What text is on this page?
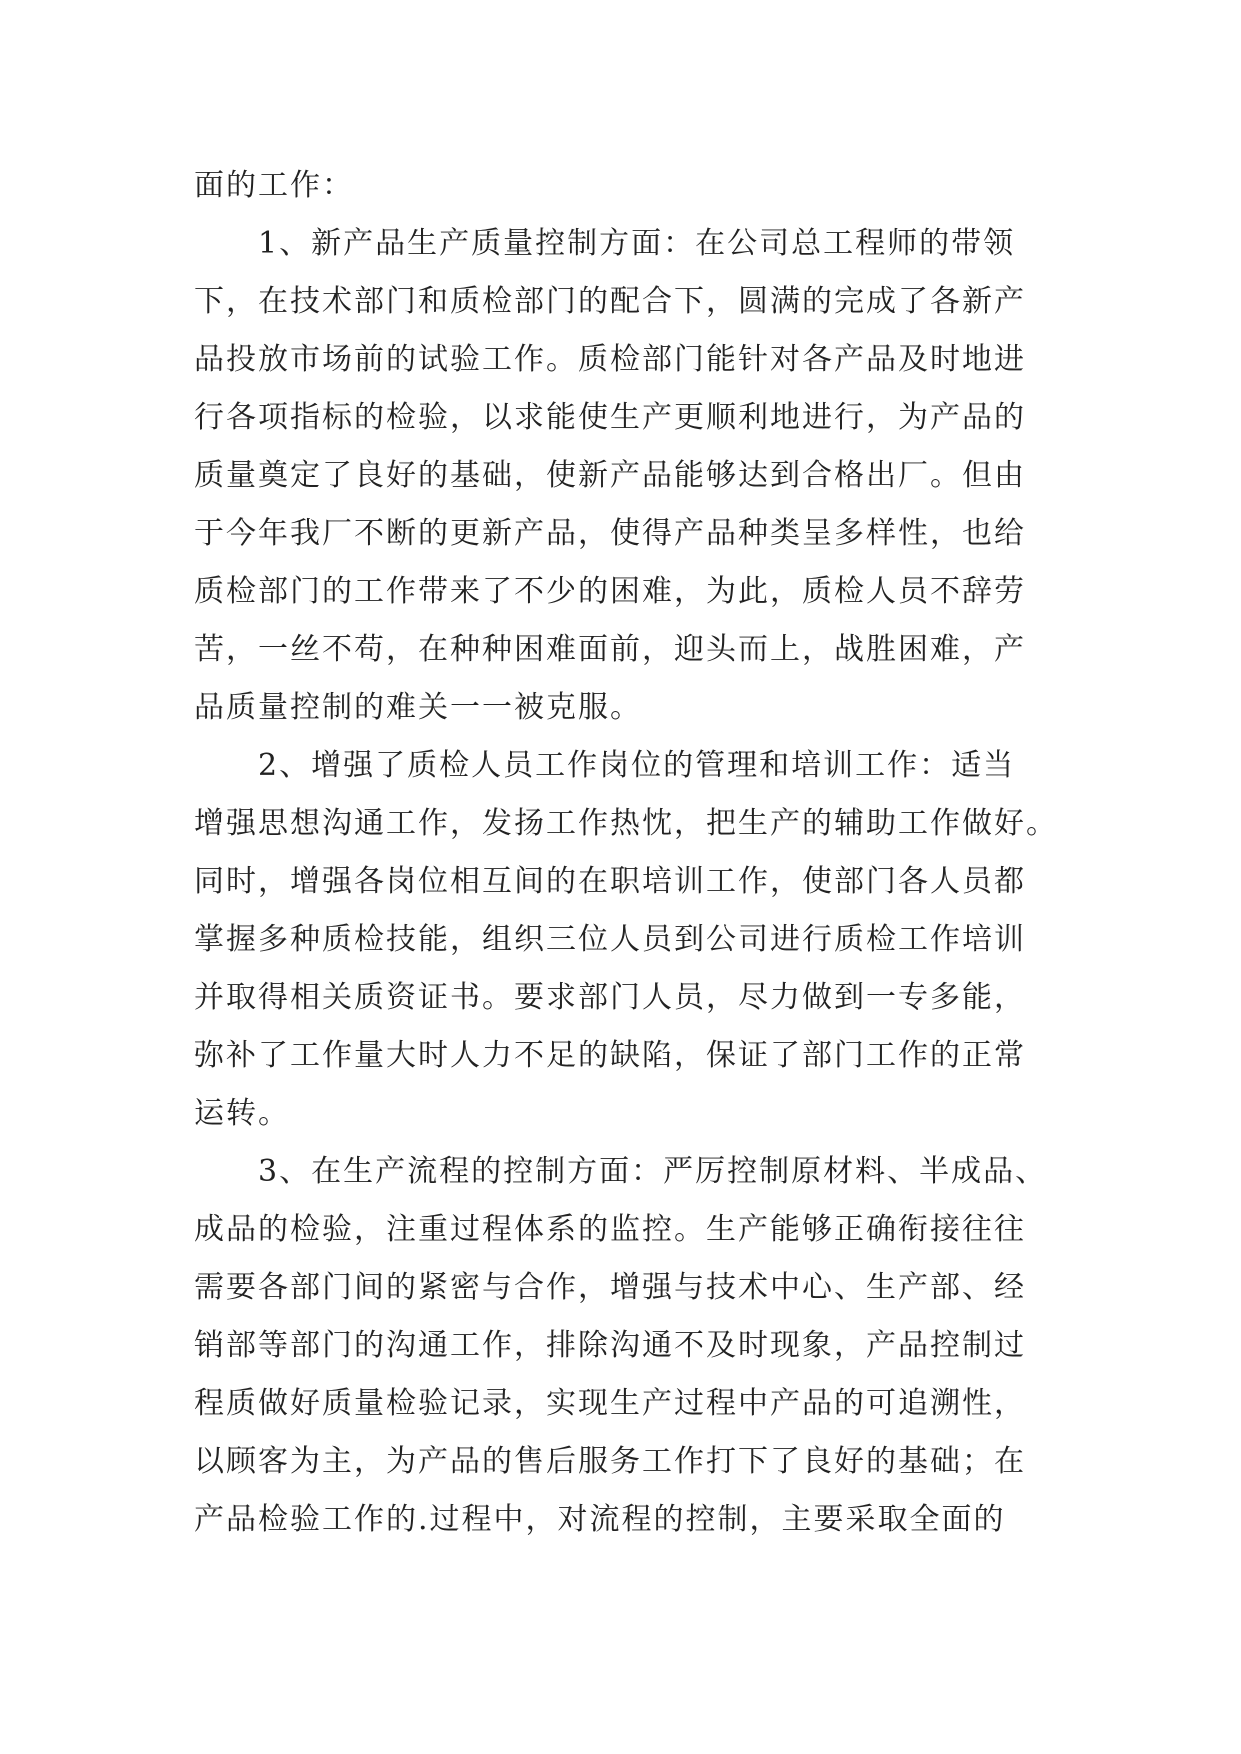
面的工作：
1、新产品生产质量控制方面：在公司总工程师的带领
下，在技术部门和质检部门的配合下，圆满的完成了各新产
品投放市场前的试验工作。质检部门能针对各产品及时地进
行各项指标的检验，以求能使生产更顺利地进行，为产品的
质量奠定了良好的基础，使新产品能够达到合格出厂。但由
于今年我厂不断的更新产品，使得产品种类呈多样性，也给
质检部门的工作带来了不少的困难，为此，质检人员不辞劳
苦，一丝不苟，在种种困难面前，迎头而上，战胜困难，产
品质量控制的难关一一被克服。
2、增强了质检人员工作岗位的管理和培训工作：适当
增强思想沟通工作，发扬工作热忱，把生产的辅助工作做好。
同时，增强各岗位相互间的在职培训工作，使部门各人员都
掌握多种质检技能，组织三位人员到公司进行质检工作培训
并取得相关质资证书。要求部门人员，尽力做到一专多能，
弥补了工作量大时人力不足的缺陷，保证了部门工作的正常
运转。
3、在生产流程的控制方面：严厉控制原材料、半成品、
成品的检验，注重过程体系的监控。生产能够正确衔接往往
需要各部门间的紧密与合作，增强与技术中心、生产部、经
销部等部门的沟通工作，排除沟通不及时现象，产品控制过
程质做好质量检验记录，实现生产过程中产品的可追溯性，
以顾客为主，为产品的售后服务工作打下了良好的基础；在
产品检验工作的.过程中，对流程的控制，主要采取全面的
